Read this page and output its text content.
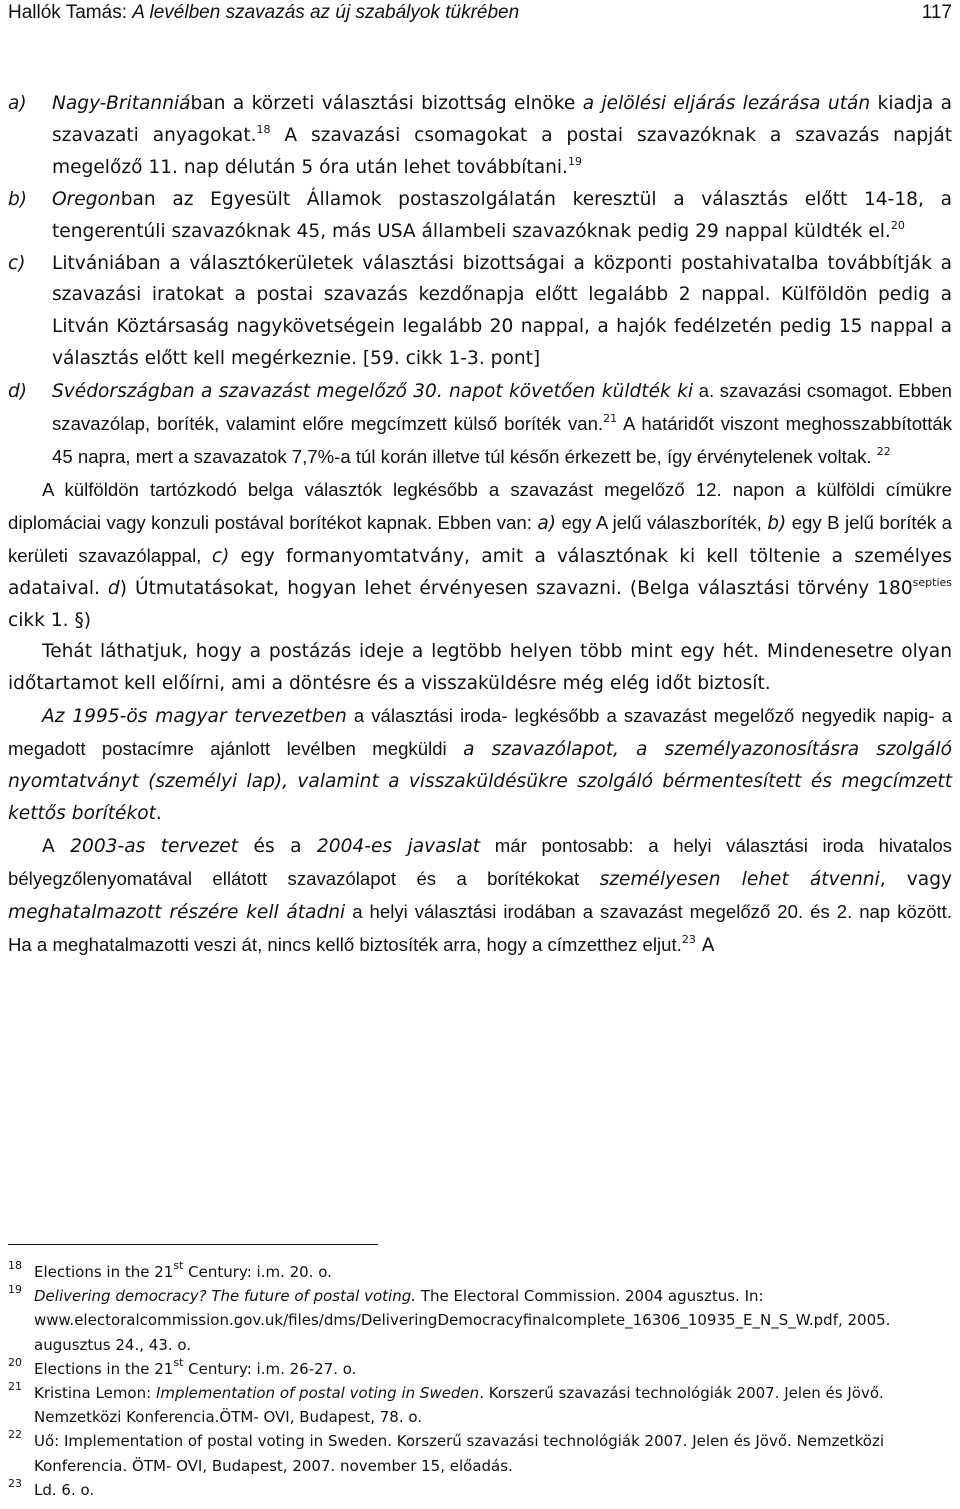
Hallók Tamás: A levélben szavazás az új szabályok tükrében	117

a) Nagy-Britanniában a körzeti választási bizottság elnöke a jelölési eljárás lezárása után kiadja a szavazati anyagokat.$^{18}$ A szavazási csomagokat a postai szavazóknak a szavazás napját megelőző 11. nap délután 5 óra után lehet továbbítani.$^{19}$

b) Oregonban az Egyesült Államok postaszolgálatán keresztül a választás előtt 14-18, a tengerentúli szavazóknak 45, más USA állambeli szavazóknak pedig 29 nappal küldték el.$^{20}$

c) Litvániában a választókerületek választási bizottságai a központi postahivatalba továbbítják a szavazási iratokat a postai szavazás kezdőnapja előtt legalább 2 nappal. Külföldön pedig a Litván Köztársaság nagykövetségein legalább 20 nappal, a hajók fedélzetén pedig 15 nappal a választás előtt kell megérkeznie. [59. cikk 1-3. pont]

d) Svédországban a szavazást megelőző 30. napot követően küldték ki a. szavazási csomagot. Ebben szavazólap, boríték, valamint előre megcímzett külső boríték van.$^{21}$ A határidőt viszont meghosszabbították 45 napra, mert a szavazatok 7,7%-a túl korán illetve túl későn érkezett be, így érvénytelenek voltak. $^{22}$

A külföldön tartózkodó belga választók legkésőbb a szavazást megelőző 12. napon a külföldi címükre diplomáciai vagy konzuli postával borítékot kapnak. Ebben van: a) egy A jelű válaszboríték, b) egy B jelű boríték a kerületi szavazólappal, c) egy formanyomtatvány, amit a választónak ki kell töltenie a személyes adataival. d) Útmutatásokat, hogyan lehet érvényesen szavazni. (Belga választási törvény $180^{septies}$ cikk 1. §)

Tehát láthatjuk, hogy a postázás ideje a legtöbb helyen több mint egy hét. Mindenesetre olyan időtartamot kell előírni, ami a döntésre és a visszaküldésre még elég időt biztosít.

Az 1995-ös magyar tervezetben a választási iroda- legkésőbb a szavazást megelőző negyedik napig- a megadott postacímre ajánlott levélben megküldi a szavazólapot, a személyazonosításra szolgáló nyomtatványt (személyi lap), valamint a visszaküldésükre szolgáló bérmentesített és megcímzett kettős borítékot.

A 2003-as tervezet és a 2004-es javaslat már pontosabb: a helyi választási iroda hivatalos bélyegzőlenyomatával ellátott szavazólapot és a borítékokat személyesen lehet átvenni, vagy meghatalmazott részére kell átadni a helyi választási irodában a szavazást megelőző 20. és 2. nap között. Ha a meghatalmazotti veszi át, nincs kellő biztosíték arra, hogy a címzetthez eljut.$^{23}$ A

18 Elections in the 21st Century: i.m. 20. o.

19 Delivering democracy? The future of postal voting. The Electoral Commission. 2004 agusztus. In: www.electoralcommission.gov.uk/files/dms/DeliveringDemocracyfinalcomplete_16306_10935_E_N_S_W.pdf, 2005. augusztus 24., 43. o.

20 Elections in the 21st Century: i.m. 26-27. o.

21 Kristina Lemon: Implementation of postal voting in Sweden. Korszerű szavazási technológiák 2007. Jelen és Jövő. Nemzetközi Konferencia.ÖTM- OVI, Budapest, 78. o.

22 Uő: Implementation of postal voting in Sweden. Korszerű szavazási technológiák 2007. Jelen és Jövő. Nemzetközi Konferencia. ÖTM- OVI, Budapest, 2007. november 15, előadás.

23 Ld. 6. o.
